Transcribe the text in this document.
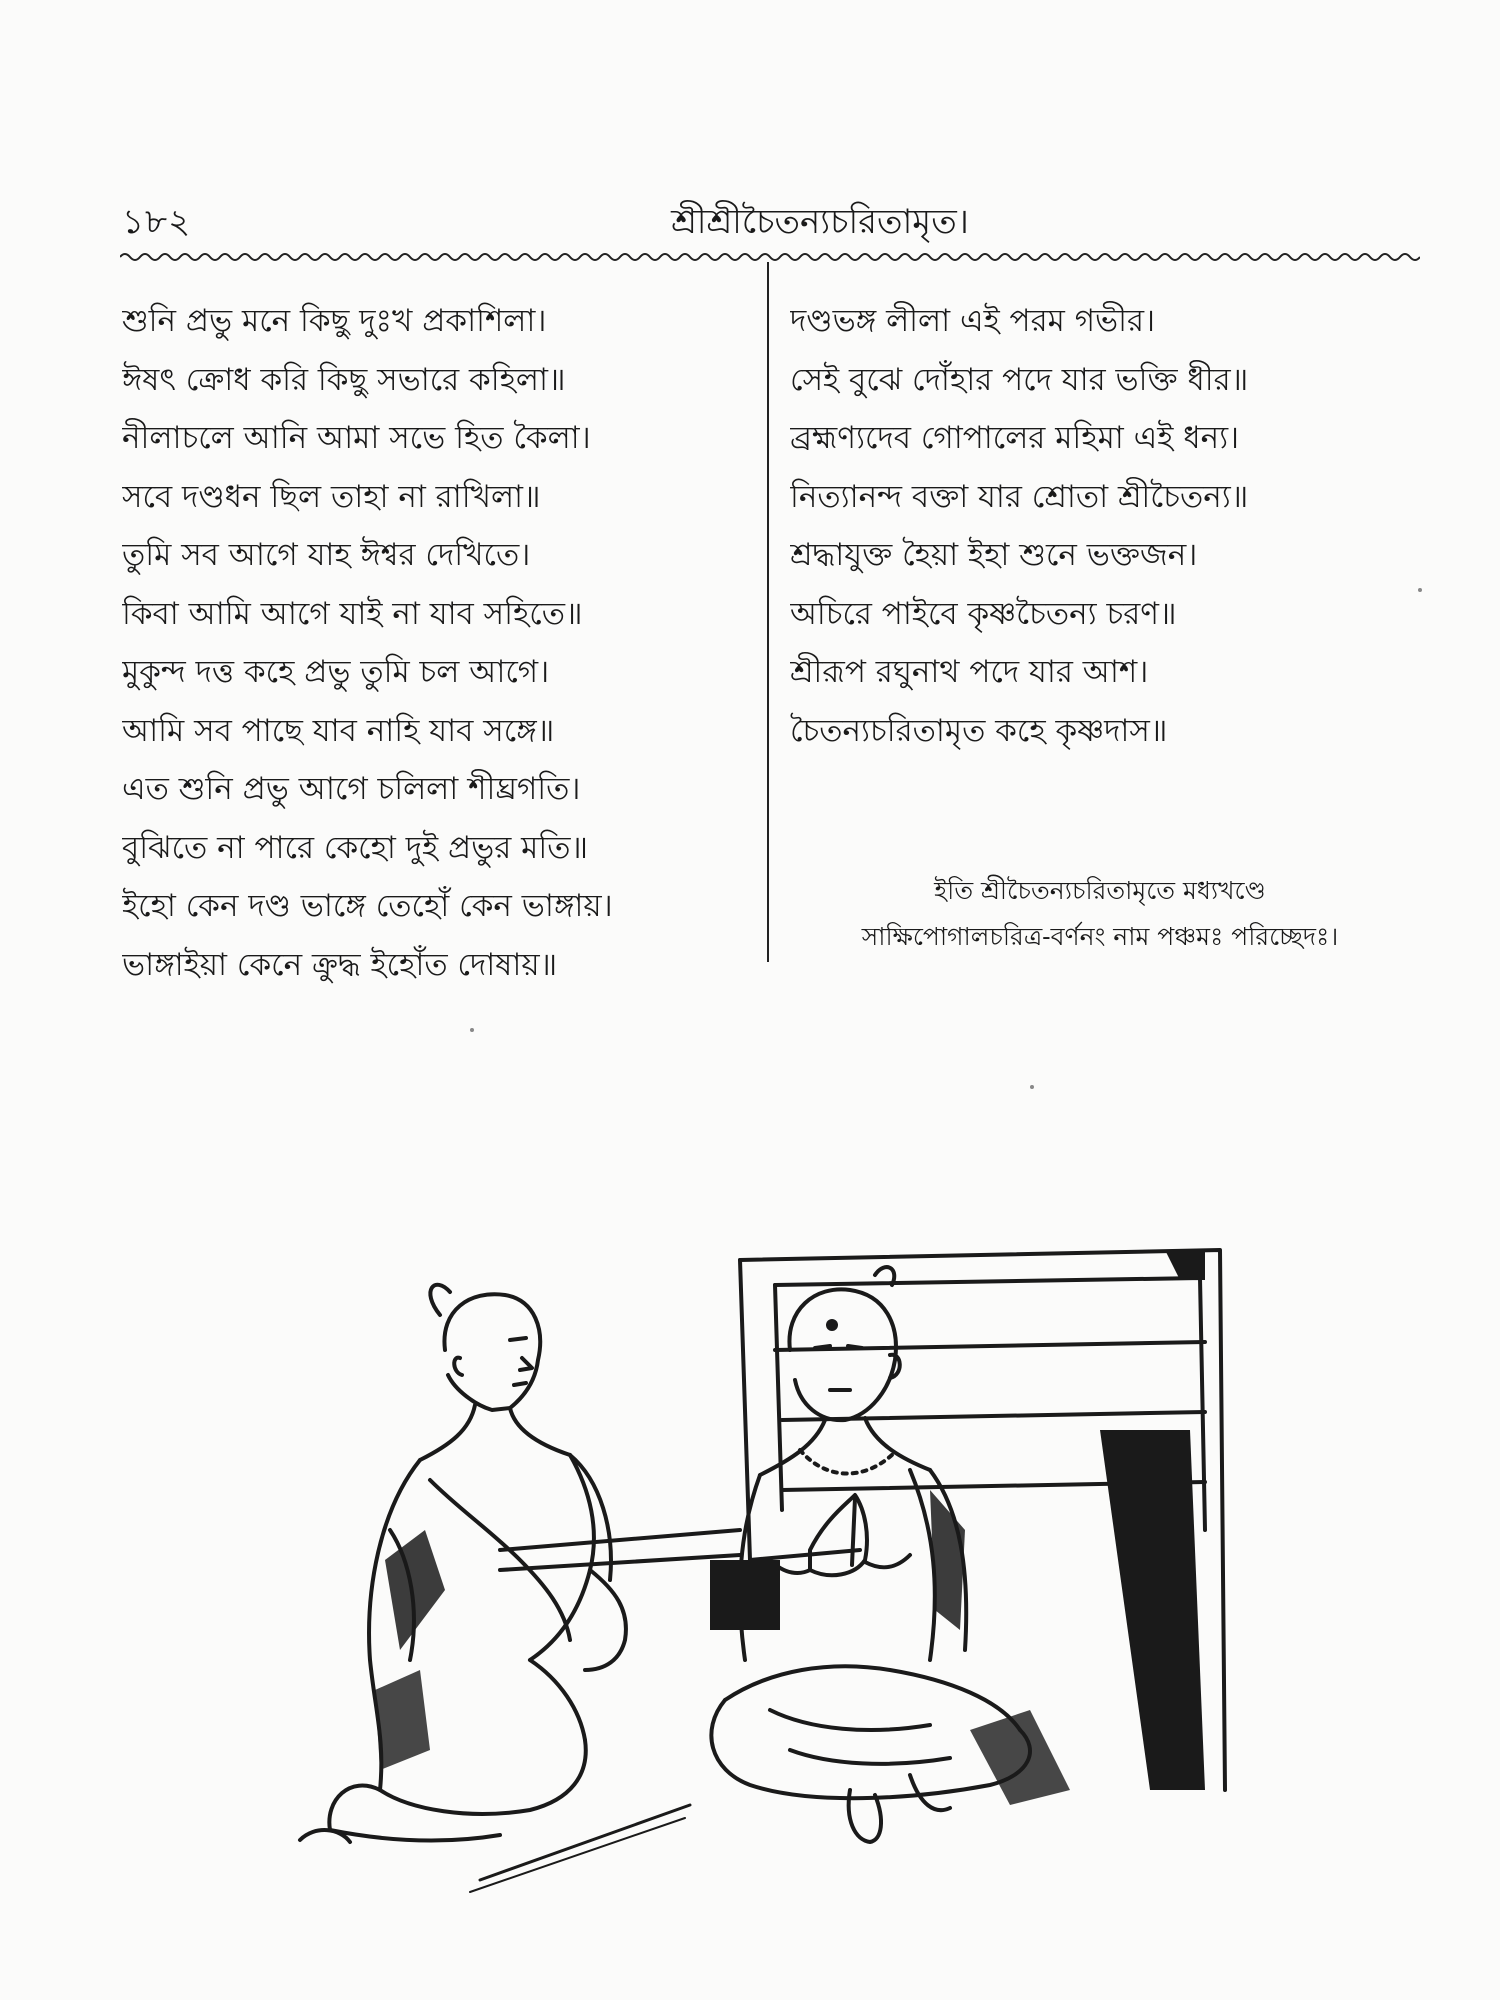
১৮২	শ্রীশ্রীচৈতন্যচরিতামৃত।
শুনি প্রভু মনে কিছু দুঃখ প্রকাশিলা।
ঈষৎ ক্রোধ করি কিছু সভারে কহিলা॥
নীলাচলে আনি আমা সভে হিত কৈলা।
সবে দণ্ডধন ছিল তাহা না রাখিলা॥
তুমি সব আগে যাহ ঈশ্বর দেখিতে।
কিবা আমি আগে যাই না যাব সহিতে॥
মুকুন্দ দত্ত কহে প্রভু তুমি চল আগে।
আমি সব পাছে যাব নাহি যাব সঙ্গে॥
এত শুনি প্রভু আগে চলিলা শীঘ্রগতি।
বুঝিতে না পারে কেহো দুই প্রভুর মতি॥
ইহো কেন দণ্ড ভাঙ্গে তেহোঁ কেন ভাঙ্গায়।
ভাঙ্গাইয়া কেনে ক্রুদ্ধ ইহোঁত দোষায়॥
দণ্ডভঙ্গ লীলা এই পরম গভীর।
সেই বুঝে দোঁহার পদে যার ভক্তি ধীর॥
ব্রহ্মণ্যদেব গোপালের মহিমা এই ধন্য।
নিত্যানন্দ বক্তা যার শ্রোতা শ্রীচৈতন্য॥
শ্রদ্ধাযুক্ত হৈয়া ইহা শুনে ভক্তজন।
অচিরে পাইবে কৃষ্ণচৈতন্য চরণ॥
শ্রীরূপ রঘুনাথ পদে যার আশ।
চৈতন্যচরিতামৃত কহে কৃষ্ণদাস॥
ইতি শ্রীচৈতন্যচরিতামৃতে মধ্যখণ্ডে
সাক্ষিপোগালচরিত্র-বর্ণনং নাম পঞ্চমঃ পরিচ্ছেদঃ।
